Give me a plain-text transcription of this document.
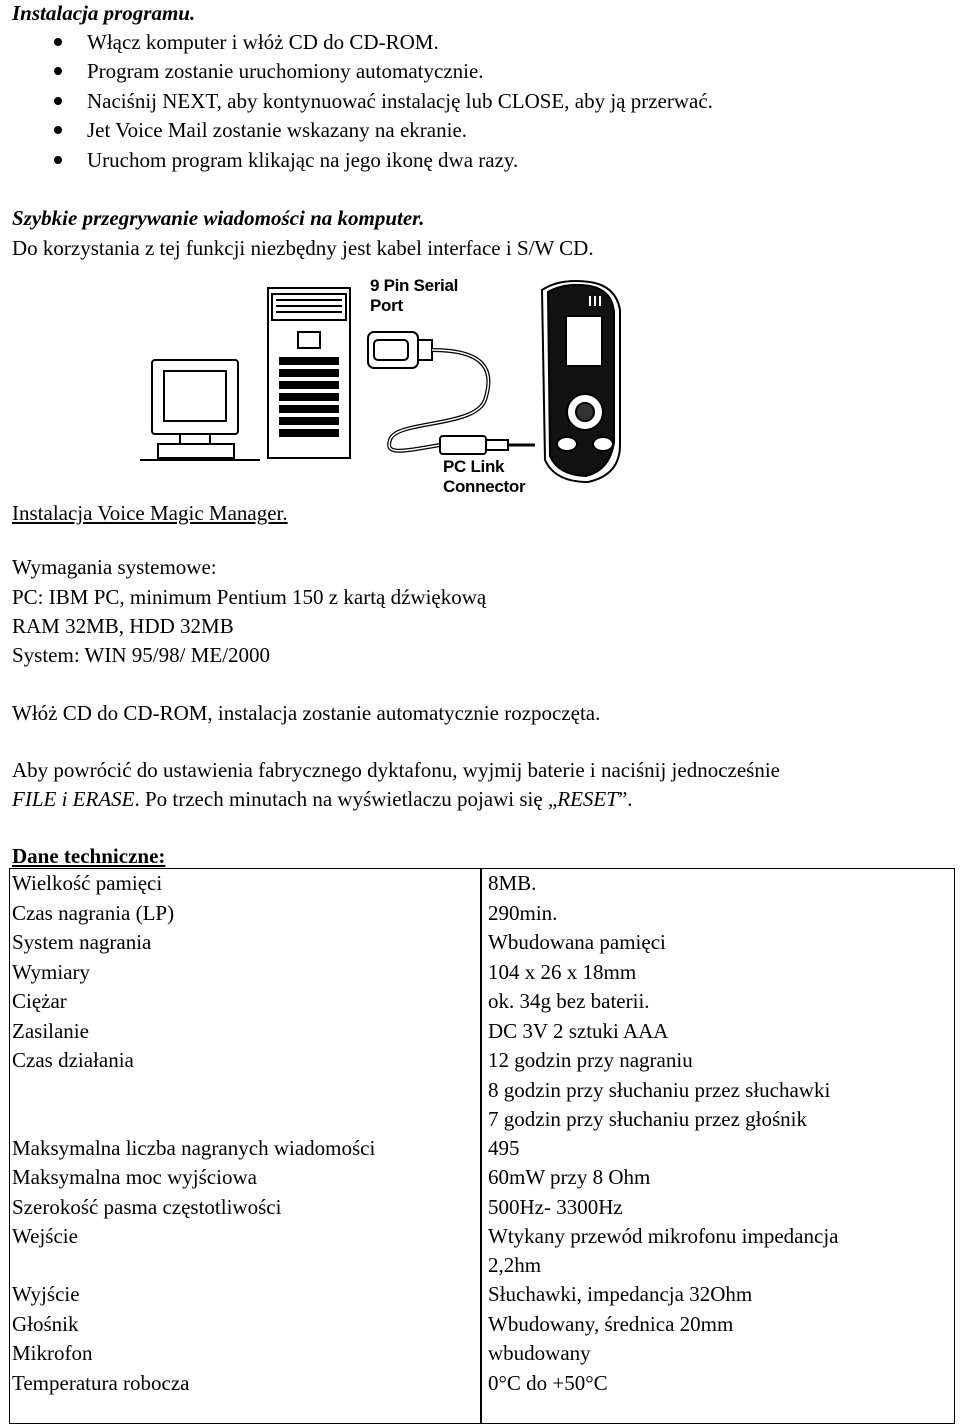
Instalacja programu.
Włącz komputer i włóż CD do CD-ROM.
Program zostanie uruchomiony automatycznie.
Naciśnij NEXT, aby kontynuować instalację lub CLOSE, aby ją przerwać.
Jet Voice Mail zostanie wskazany na ekranie.
Uruchom program klikając na jego ikonę dwa razy.
Szybkie przegrywanie wiadomości na komputer.
Do korzystania z tej funkcji niezbędny jest kabel interface i S/W CD.
9 Pin Serial
Port
PC Link
Connector
Instalacja Voice Magic Manager.
Wymagania systemowe:
PC: IBM PC, minimum Pentium 150 z kartą dźwiękową
RAM 32MB, HDD 32MB
System: WIN 95/98/ ME/2000
Włóż CD do CD-ROM, instalacja zostanie automatycznie rozpoczęta.
Aby powrócić do ustawienia fabrycznego dyktafonu, wyjmij baterie i naciśnij jednocześnie
FILE i ERASE. Po trzech minutach na wyświetlaczu pojawi się „RESET”.
Dane techniczne:
Wielkość pamięci	8MB.
Czas nagrania (LP)	290min.
System nagrania	Wbudowana pamięci
Wymiary	104 x 26 x 18mm
Ciężar	ok. 34g bez baterii.
Zasilanie	DC 3V 2 sztuki AAA
Czas działania	12 godzin przy nagraniu
8 godzin przy słuchaniu przez słuchawki
7 godzin przy słuchaniu przez głośnik
Maksymalna liczba nagranych wiadomości	495
Maksymalna moc wyjściowa	60mW przy 8 Ohm
Szerokość pasma częstotliwości	500Hz- 3300Hz
Wejście	Wtykany przewód mikrofonu impedancja
2,2hm
Wyjście	Słuchawki, impedancja 32Ohm
Głośnik	Wbudowany, średnica 20mm
Mikrofon	wbudowany
Temperatura robocza	0°C do +50°C
